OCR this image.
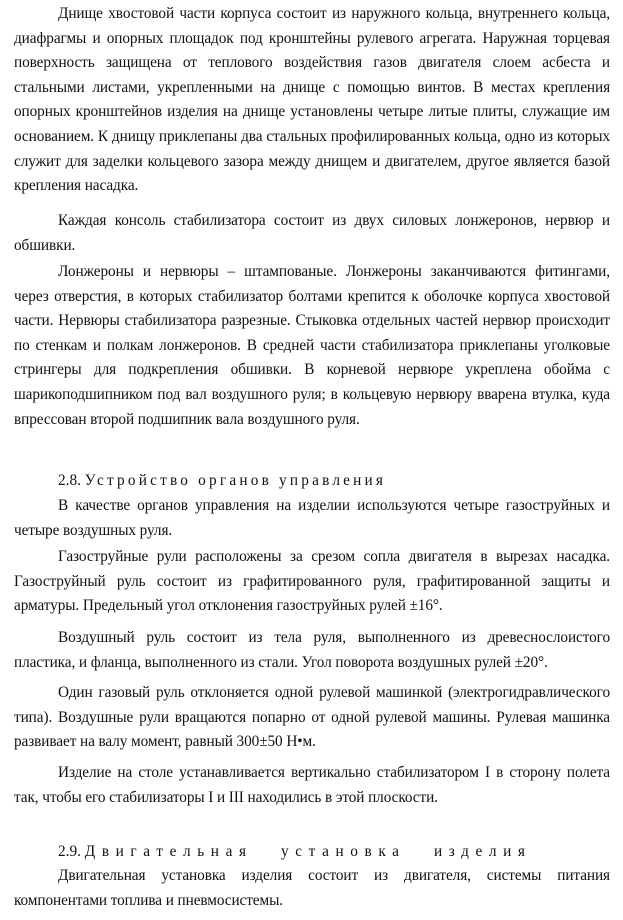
Днище хвостовой части корпуса состоит из наружного кольца, внутреннего кольца, диафрагмы и опорных площадок под кронштейны рулевого агрегата. Наружная торцевая поверхность защищена от теплового воздействия газов двигателя слоем асбеста и стальными листами, укрепленными на днище с помощью винтов. В местах крепления опорных кронштейнов изделия на днище установлены четыре литые плиты, служащие им основанием. К днищу приклепаны два стальных профилированных кольца, одно из которых служит для заделки кольцевого зазора между днищем и двигателем, другое является базой крепления насадка.

Каждая консоль стабилизатора состоит из двух силовых лонжеронов, нервюр и обшивки.

Лонжероны и нервюры – штампованые. Лонжероны заканчиваются фитингами, через отверстия, в которых стабилизатор болтами крепится к оболочке корпуса хвостовой части. Нервюры стабилизатора разрезные. Стыковка отдельных частей нервюр происходит по стенкам и полкам лонжеронов. В средней части стабилизатора приклепаны уголковые стрингеры для подкрепления обшивки. В корневой нервюре укреплена обойма с шарикоподшипником под вал воздушного руля; в кольцевую нервюру вварена втулка, куда впрессован второй подшипник вала воздушного руля.

2.8. Устройство органов управления

В качестве органов управления на изделии используются четыре газоструйных и четыре воздушных руля.

Газоструйные рули расположены за срезом сопла двигателя в вырезах насадка. Газоструйный руль состоит из графитированного руля, графитированной защиты и арматуры. Предельный угол отклонения газоструйных рулей ±16°.

Воздушный руль состоит из тела руля, выполненного из древеснослоистого пластика, и фланца, выполненного из стали. Угол поворота воздушных рулей ±20°.

Один газовый руль отклоняется одной рулевой машинкой (электрогидравлического типа). Воздушные рули вращаются попарно от одной рулевой машины. Рулевая машинка развивает на валу момент, равный 300±50 Н•м.

Изделие на столе устанавливается вертикально стабилизатором I в сторону полета так, чтобы его стабилизаторы I и III находились в этой плоскости.

2.9. Двигательная установка изделия

Двигательная установка изделия состоит из двигателя, системы питания компонентами топлива и пневмосистемы.
